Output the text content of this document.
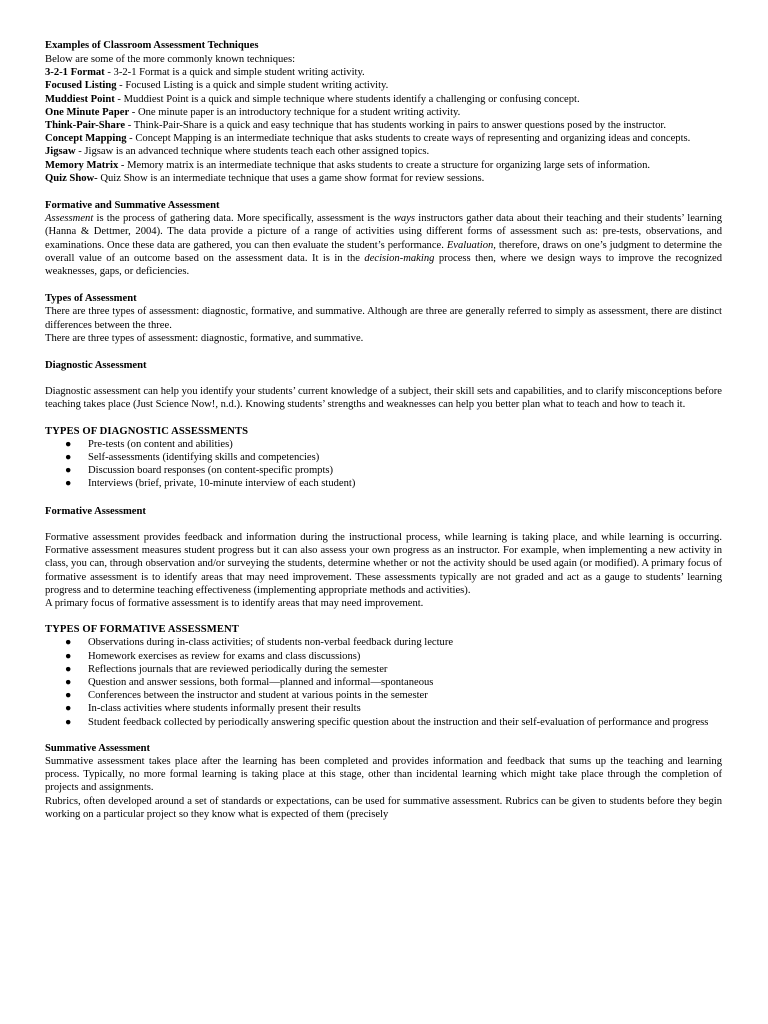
Examples of Classroom Assessment Techniques

Below are some of the more commonly known techniques:

3-2-1 Format - 3-2-1 Format is a quick and simple student writing activity.

Focused Listing - Focused Listing is a quick and simple student writing activity.

Muddiest Point - Muddiest Point is a quick and simple technique where students identify a challenging or confusing concept.

One Minute Paper - One minute paper is an introductory technique for a student writing activity.

Think-Pair-Share - Think-Pair-Share is a quick and easy technique that has students working in pairs to answer questions posed by the instructor.

Concept Mapping - Concept Mapping is an intermediate technique that asks students to create ways of representing and organizing ideas and concepts.

Jigsaw - Jigsaw is an advanced technique where students teach each other assigned topics.

Memory Matrix - Memory matrix is an intermediate technique that asks students to create a structure for organizing large sets of information.

Quiz Show- Quiz Show is an intermediate technique that uses a game show format for review sessions.

Formative and Summative Assessment

Assessment is the process of gathering data. More specifically, assessment is the ways instructors gather data about their teaching and their students’ learning (Hanna & Dettmer, 2004). The data provide a picture of a range of activities using different forms of assessment such as: pre-tests, observations, and examinations. Once these data are gathered, you can then evaluate the student’s performance. Evaluation, therefore, draws on one’s judgment to determine the overall value of an outcome based on the assessment data. It is in the decision-making process then, where we design ways to improve the recognized weaknesses, gaps, or deficiencies.

Types of Assessment

There are three types of assessment: diagnostic, formative, and summative. Although are three are generally referred to simply as assessment, there are distinct differences between the three.

There are three types of assessment: diagnostic, formative, and summative.

Diagnostic Assessment

Diagnostic assessment can help you identify your students’ current knowledge of a subject, their skill sets and capabilities, and to clarify misconceptions before teaching takes place (Just Science Now!, n.d.). Knowing students’ strengths and weaknesses can help you better plan what to teach and how to teach it.

TYPES OF DIAGNOSTIC ASSESSMENTS

● Pre-tests (on content and abilities)
● Self-assessments (identifying skills and competencies)
● Discussion board responses (on content-specific prompts)
● Interviews (brief, private, 10-minute interview of each student)

Formative Assessment

Formative assessment provides feedback and information during the instructional process, while learning is taking place, and while learning is occurring. Formative assessment measures student progress but it can also assess your own progress as an instructor. For example, when implementing a new activity in class, you can, through observation and/or surveying the students, determine whether or not the activity should be used again (or modified). A primary focus of formative assessment is to identify areas that may need improvement. These assessments typically are not graded and act as a gauge to students’ learning progress and to determine teaching effectiveness (implementing appropriate methods and activities).

A primary focus of formative assessment is to identify areas that may need improvement.

TYPES OF FORMATIVE ASSESSMENT

● Observations during in-class activities; of students non-verbal feedback during lecture
● Homework exercises as review for exams and class discussions)
● Reflections journals that are reviewed periodically during the semester
● Question and answer sessions, both formal—planned and informal—spontaneous
● Conferences between the instructor and student at various points in the semester
● In-class activities where students informally present their results
● Student feedback collected by periodically answering specific question about the instruction and their self-evaluation of performance and progress

Summative Assessment

Summative assessment takes place after the learning has been completed and provides information and feedback that sums up the teaching and learning process. Typically, no more formal learning is taking place at this stage, other than incidental learning which might take place through the completion of projects and assignments.

Rubrics, often developed around a set of standards or expectations, can be used for summative assessment. Rubrics can be given to students before they begin working on a particular project so they know what is expected of them (precisely
